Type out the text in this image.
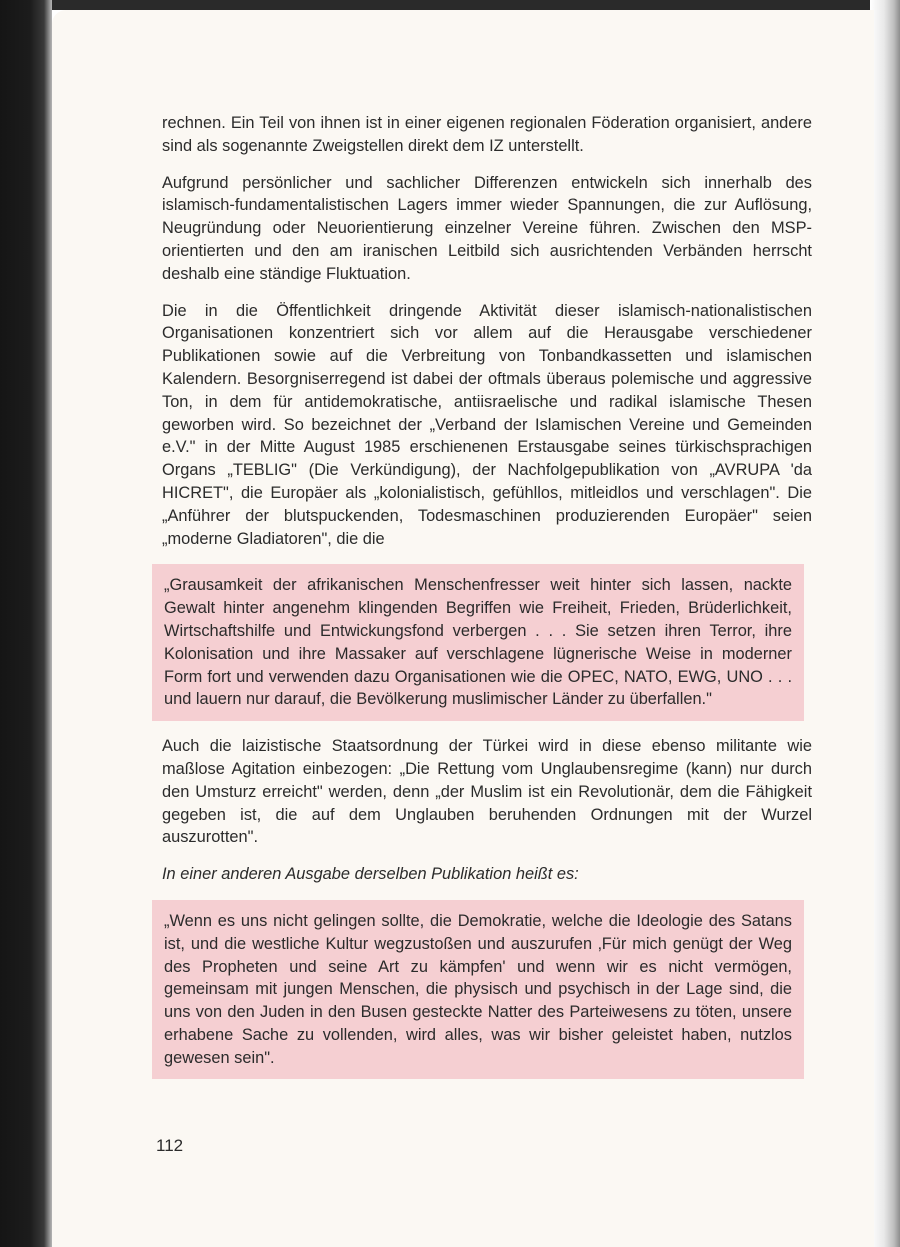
rechnen. Ein Teil von ihnen ist in einer eigenen regionalen Föderation organisiert, andere sind als sogenannte Zweigstellen direkt dem IZ unterstellt.

Aufgrund persönlicher und sachlicher Differenzen entwickeln sich innerhalb des islamisch-fundamentalistischen Lagers immer wieder Spannungen, die zur Auflösung, Neugründung oder Neuorientierung einzelner Vereine führen. Zwischen den MSP-orientierten und den am iranischen Leitbild sich ausrichtenden Verbänden herrscht deshalb eine ständige Fluktuation.

Die in die Öffentlichkeit dringende Aktivität dieser islamisch-nationalistischen Organisationen konzentriert sich vor allem auf die Herausgabe verschiedener Publikationen sowie auf die Verbreitung von Tonbandkassetten und islamischen Kalendern. Besorgniserregend ist dabei der oftmals überaus polemische und aggressive Ton, in dem für antidemokratische, antiisraelische und radikal islamische Thesen geworben wird. So bezeichnet der „Verband der Islamischen Vereine und Gemeinden e.V." in der Mitte August 1985 erschienenen Erstausgabe seines türkischsprachigen Organs „TEBLIG" (Die Verkündigung), der Nachfolgepublikation von „AVRUPA 'da HICRET", die Europäer als „kolonialistisch, gefühllos, mitleidlos und verschlagen". Die „Anführer der blutspuckenden, Todesmaschinen produzierenden Europäer" seien „moderne Gladiatoren", die die

„Grausamkeit der afrikanischen Menschenfresser weit hinter sich lassen, nackte Gewalt hinter angenehm klingenden Begriffen wie Freiheit, Frieden, Brüderlichkeit, Wirtschaftshilfe und Entwickungsfond verbergen . . . Sie setzen ihren Terror, ihre Kolonisation und ihre Massaker auf verschlagene lügnerische Weise in moderner Form fort und verwenden dazu Organisationen wie die OPEC, NATO, EWG, UNO . . . und lauern nur darauf, die Bevölkerung muslimischer Länder zu überfallen."

Auch die laizistische Staatsordnung der Türkei wird in diese ebenso militante wie maßlose Agitation einbezogen: „Die Rettung vom Unglaubensregime (kann) nur durch den Umsturz erreicht" werden, denn „der Muslim ist ein Revolutionär, dem die Fähigkeit gegeben ist, die auf dem Unglauben beruhenden Ordnungen mit der Wurzel auszurotten".

In einer anderen Ausgabe derselben Publikation heißt es:

„Wenn es uns nicht gelingen sollte, die Demokratie, welche die Ideologie des Satans ist, und die westliche Kultur wegzustoßen und auszurufen ‚Für mich genügt der Weg des Propheten und seine Art zu kämpfen' und wenn wir es nicht vermögen, gemeinsam mit jungen Menschen, die physisch und psychisch in der Lage sind, die uns von den Juden in den Busen gesteckte Natter des Parteiwesens zu töten, unsere erhabene Sache zu vollenden, wird alles, was wir bisher geleistet haben, nutzlos gewesen sein".
112
